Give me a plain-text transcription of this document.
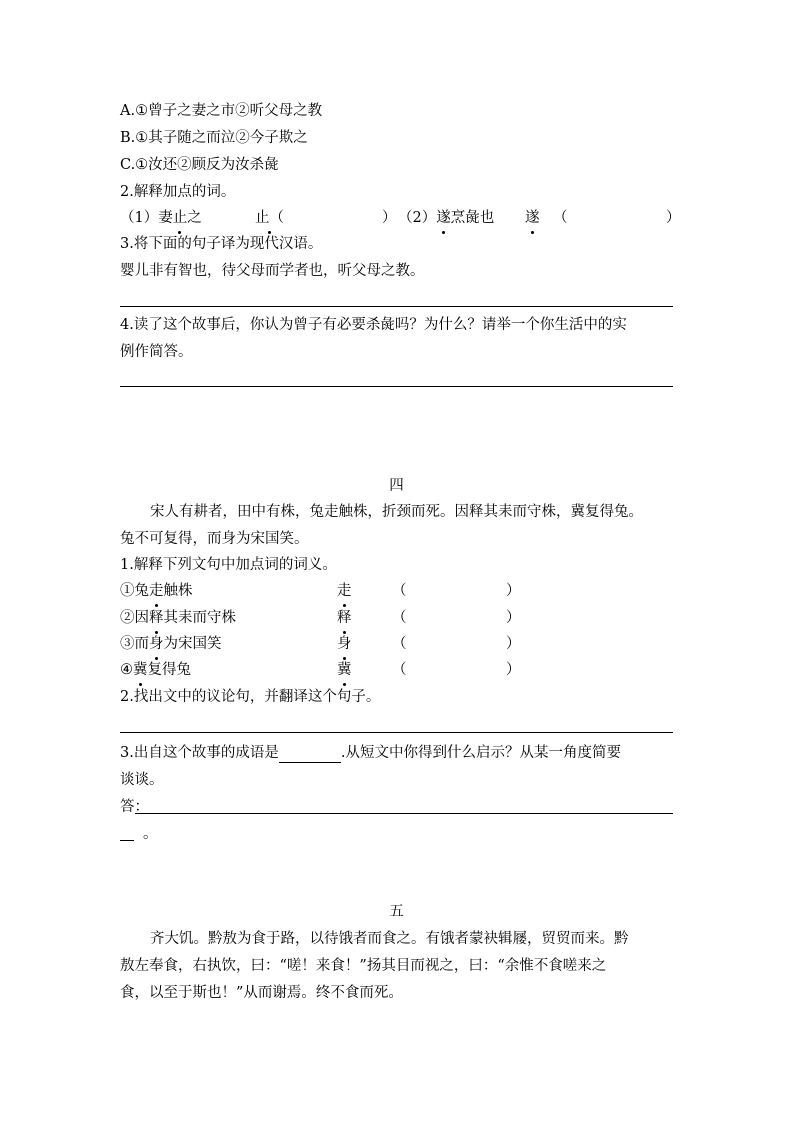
A.①曾子之妻之市②听父母之教
B.①其子随之而泣②今子欺之
C.①汝还②顾反为汝杀彘
2.解释加点的词。
（1）妻止之	止（	） （2）遂烹彘也 遂 （	）
3.将下面的句子译为现代汉语。
婴儿非有智也，待父母而学者也，听父母之教。
4.读了这个故事后，你认为曾子有必要杀彘吗？为什么？请举一个你生活中的实
例作简答。
四
宋人有耕者，田中有株，兔走触株，折颈而死。因释其耒而守株，冀复得兔。
兔不可复得，而身为宋国笑。
1.解释下列文句中加点词的词义。
①兔走触株	走	（	）
②因释其耒而守株	释	（	）
③而身为宋国笑	身	（	）
④冀复得兔	冀	（	）
2.找出文中的议论句，并翻译这个句子。
3.出自这个故事的成语是	.从短文中你得到什么启示？从某一角度简要
谈谈。
答：
。
五
齐大饥。黔敖为食于路，以待饿者而食之。有饿者蒙袂辑屦，贸贸而来。黔
敖左奉食，右执饮，曰：“嗟！来食！”扬其目而视之，曰：“余惟不食嗟来之
食，以至于斯也！”从而谢焉。终不食而死。
